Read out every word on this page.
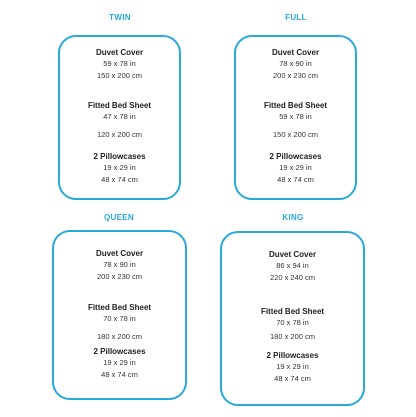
TWIN
Duvet Cover
59 x 78 in
150 x 200 cm
Fitted Bed Sheet
47 x 78 in
120 x 200 cm
2 Pillowcases
19 x 29 in
48 x 74 cm
FULL
Duvet Cover
78 x 90 in
200 x 230 cm
Fitted Bed Sheet
59 x 78 in
150 x 200 cm
2 Pillowcases
19 x 29 in
48 x 74 cm
QUEEN
Duvet Cover
78 x 90 in
200 x 230 cm
Fitted Bed Sheet
70 x 78 in
180 x 200 cm
2 Pillowcases
19 x 29 in
48 x 74 cm
KING
Duvet Cover
86 x 94 in
220 x 240 cm
Fitted Bed Sheet
70 x 78 in
180 x 200 cm
2 Pillowcases
19 x 29 in
48 x 74 cm
